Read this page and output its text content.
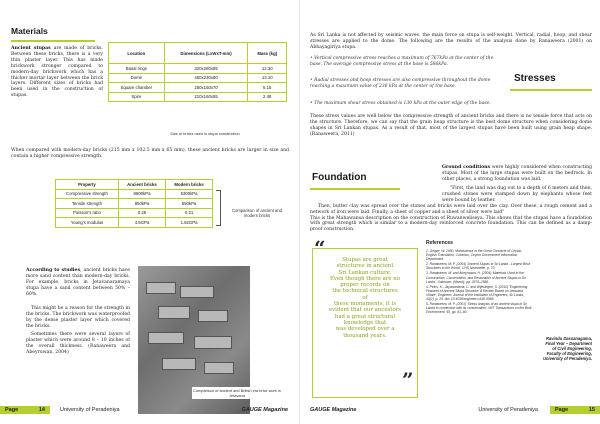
Materials
Ancient stupas are made of bricks. Between these bricks, there is a very thin plaster layer. This has made brickwork stronger compared to modern-day brickwork which has a thicker mortar layer between the brick layers. Different sizes of bricks had been used in the construction of stupas.
Location	Dimensions (LxWxT-mm)	Mass (kg)
Basal rings	320x280x85	12.30
Dome	450x230x80	13.10
Square chamber	250x150x70	5.15
Spire	210x160x55	2.48
Size of bricks used in stupa construction
When compared with modern-day bricks (215 mm x 102.5 mm x 65 mm), these ancient bricks are larger in size and contain a higher compressive strength.
Property	Ancient bricks	Modern bricks
Compressive strength	8500kPa	5300kPa
Tensile strength	850kPa	550kPa
Poisson's ratio	0.25	0.21
Young's modulus	4.5GPa	1.92GPa
Comparison of ancient and modern bricks
According to studies, ancient bricks have more sand content than modern-day bricks. For example, bricks in Jetavanaramaya stupa have a sand content between 50% – 60%.
This might be a reason for the strength in the bricks. The brickwork was waterproofed by the dense plaster layer which covered the bricks.
Sometimes there were several layers of plaster which were around 8 – 10 inches of the overall thickness. (Ranaweera and Abeyruwan, 2004)
Comparison of ancient and British era brick work in Jetavana
Page	14	University of Peradeniya	GAUGE Magazine
As Sri Lanka is not affected by seismic waves, the main force on stupa is self-weight. Vertical, radial, hoop, and shear stresses are applied to the dome. The following are the results of the analysis done by Ranaweera (2001) on Abhayagiriya stupa.
• Vertical compressive stress reaches a maximum of 767kPa at the center of the base. The average compressive stress at the base is 586kPa.
• Radial stresses and hoop stresses are also compressive throughout the dome reaching a maximum value of 236 kPa at the center of the base.
• The maximum shear stress obtained is 130 kPa at the outer edge of the base.
Stresses
These stress values are well below the compressive strength of ancient bricks and there is no tensile force that acts on the structure. Therefore, we can say that the grain heap structure is the best dome structure when considering dome shapes in Sri Lankan stupas. As a result of that, most of the largest stupas have been built using grain heap shape. (Ranaweera, 2011)
Foundation
Ground conditions were highly considered when constructing stupas. Most of the large stupas were built on the bedrock. In other places, a strong foundation was laid.
"First, the land was dug out to a depth of 6 meters and then, crushed stones were stamped down by elephants whose feet were bound by leather.
Then, butter clay was spread over the stones and bricks were laid over the clay. Over these, a rough cement and a network of iron were laid. Finally, a sheet of copper and a sheet of silver were laid"
This is the Mahawansa description on the construction of Ruwanweliseya. This shows that the stupas have a foundation with great strength which is similar to a modern-day reinforced concrete foundation. This can be defined as a damp-proof construction.
“
”
Stupas are great
structures in ancient
Sri Lankan culture.
Even though there are no
proper records on
the technical structures
of
these monuments, it is
evident that our ancestors
had a great structural
knowledge that
was developed over a
thousand years.
References
1. Geiger, W. 1950, Mahavamsa or the Great Chronicle of Ceylon, English Translation, Colombo, Ceylon Government Information Department.
2. Ranaweera, M. P. (2004) 'Ancient Stupas in Sri Lanka - Largest Brick Structures in the World', CHS Newsletter, p. 70.
3. Ranaweera, M. and Abeyruwan, H. (2004) 'Materials Used in the Construction, Conservation, and Restoration of Ancient Stupas in Sri Lanka', Unknown, (March), pp. 2575–2586.
4. Peiris, K., Jayawardena, C. and Wijesinghe, S. (2010) 'Engineering Features of Ancient Stupa Structure: A Review Based on Jetavana Vihare', Engineer: Journal of the Institution of Engineers, Sri Lanka, 43(2), p. 29. doi: 10.4038/engineer.v43i2.6985.
5. Ranaweera, M. P. (2001) 'Stress analysis of an ancient stupa in Sri Lanka in connection with its conservation', WIT Transactions on the Built Environment, 55, pp. 81–90.
Ravindu Dassanagama,
Final Year – Department
of Civil Engineering,
Faculty of Engineering,
University of Peradeniya.
GAUGE Magazine	University of Peradeniya	Page	15
